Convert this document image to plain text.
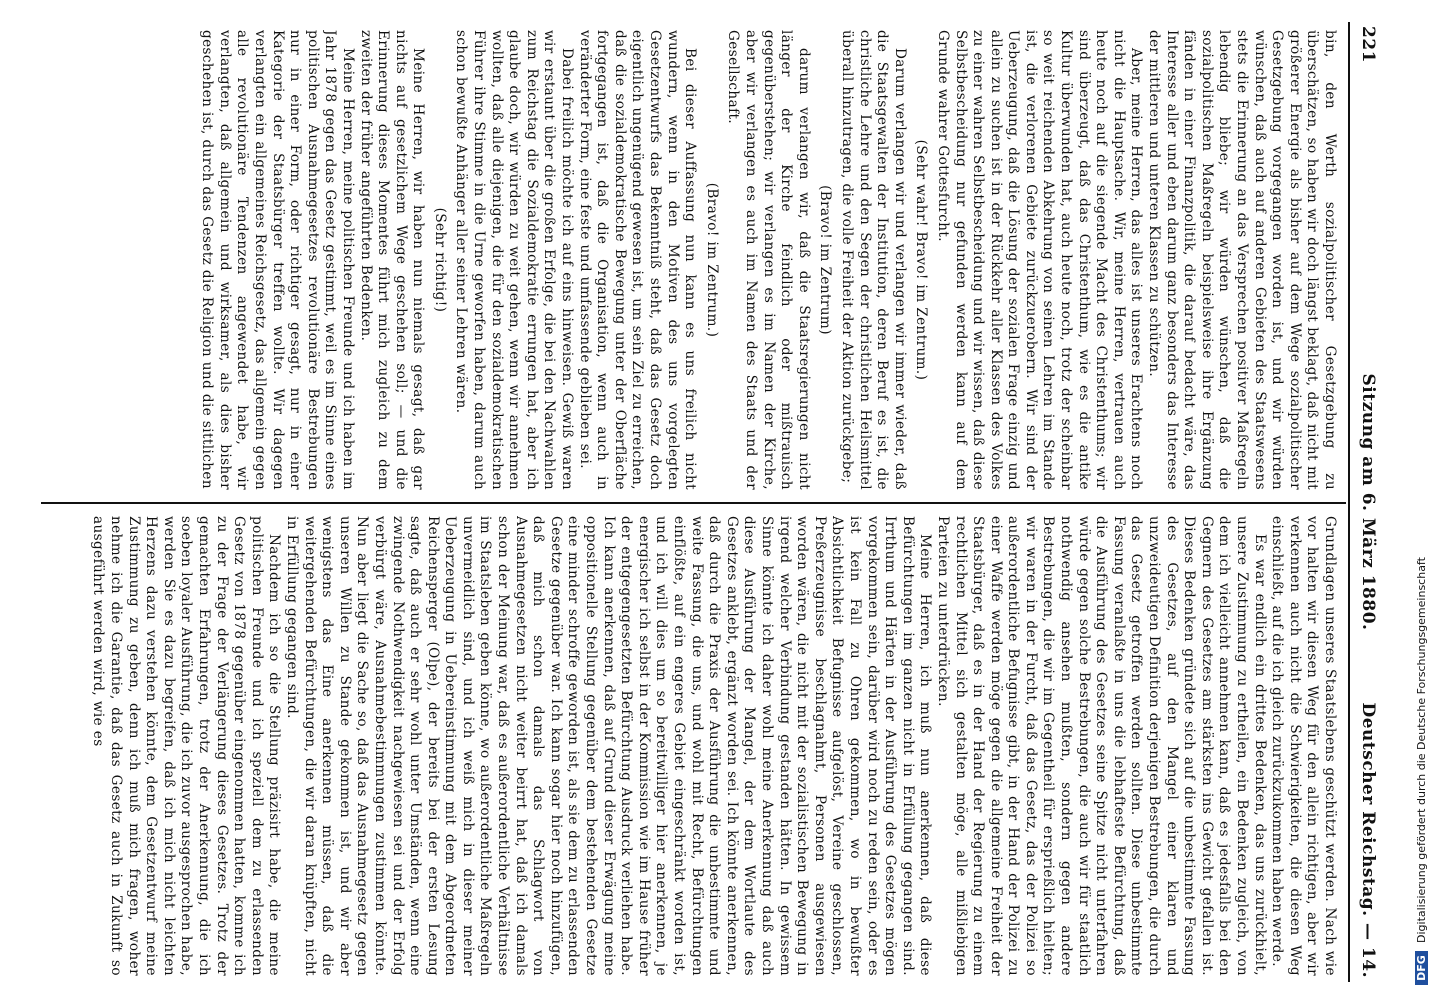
221
Sitzung am 6. März 1880.
Deutscher Reichstag. — 14.

bin, den Werth sozialpolitischer Gesetzgebung zu überschätzen, so haben wir doch längst beklagt, daß nicht mit größerer Energie als bisher auf dem Wege sozialpolitischer Gesetzgebung vorgegangen worden ist, und wir würden wünschen, daß auch auf anderen Gebieten des Staatswesens stets die Erinnerung an das Versprechen positiver Maßregeln lebendig bliebe; wir würden wünschen, daß die sozialpolitischen Maßregeln beispielsweise ihre Ergänzung fänden in einer Finanzpolitik, die darauf bedacht wäre, das Interesse aller und eben darum ganz besonders das Interesse der mittleren und unteren Klassen zu schützen.

Aber, meine Herren, das alles ist unseres Erachtens noch nicht die Hauptsache. Wir, meine Herren, vertrauen auch heute noch auf die siegende Macht des Christenthums; wir sind überzeugt, daß das Christenthum, wie es die antike Kultur überwunden hat, auch heute noch, trotz der scheinbar so weit reichenden Abkehrung von seinen Lehren im Stande ist, die verlorenen Gebiete zurückzuerobern. Wir sind der Ueberzeugung, daß die Lösung der sozialen Frage einzig und allein zu suchen ist in der Rückkehr aller Klassen des Volkes zu einer wahren Selbstbescheidung und wir wissen, daß diese Selbstbescheidung nur gefunden werden kann auf dem Grunde wahrer Gottesfurcht.

(Sehr wahr! Bravo! im Zentrum.)

Darum verlangen wir und verlangen wir immer wieder, daß die Staatsgewalten der Institution, deren Beruf es ist, die christliche Lehre und den Segen der christlichen Heilsmittel überall hinzutragen, die volle Freiheit der Aktion zurückgebe;

(Bravo! im Zentrum)

darum verlangen wir, daß die Staatsregierungen nicht länger der Kirche feindlich oder mißtrauisch gegenüberstehen; wir verlangen es im Namen der Kirche, aber wir verlangen es auch im Namen des Staats und der Gesellschaft.

(Bravo! im Zentrum.)

Bei dieser Auffassung nun kann es uns freilich nicht wundern, wenn in den Motiven des uns vorgelegten Gesetzentwurfs das Bekenntniß steht, daß das Gesetz doch eigentlich ungenügend gewesen ist, um sein Ziel zu erreichen, daß die sozialdemokratische Bewegung unter der Oberfläche fortgegangen ist, daß die Organisation, wenn auch in veränderter Form, eine feste und umfassende geblieben sei.

Dabei freilich möchte ich auf eins hinweisen. Gewiß waren wir erstaunt über die großen Erfolge, die bei den Nachwahlen zum Reichstag die Sozialdemokratie errungen hat, aber ich glaube doch, wir würden zu weit gehen, wenn wir annehmen wollten, daß alle diejenigen, die für den sozialdemokratischen Führer ihre Stimme in die Urne geworfen haben, darum auch schon bewußte Anhänger aller seiner Lehren wären.

(Sehr richtig!)

Meine Herren, wir haben nun niemals gesagt, daß gar nichts auf gesetzlichem Wege geschehen soll; — und die Erinnerung dieses Momentes führt mich zugleich zu dem zweiten der früher angeführten Bedenken.

Meine Herren, meine politischen Freunde und ich haben im Jahr 1878 gegen das Gesetz gestimmt, weil es im Sinne eines politischen Ausnahmegesetzes revolutionäre Bestrebungen nur in einer Form, oder richtiger gesagt, nur in einer Kategorie der Staatsbürger treffen wollte. Wir dagegen verlangten ein allgemeines Reichsgesetz, das allgemein gegen alle revolutionäre Tendenzen angewendet habe, wir verlangten, daß allgemein und wirksamer, als dies bisher geschehen ist, durch das Gesetz die Religion und die sittlichen

Grundlagen unseres Staatslebens geschützt werden. Nach wie vor halten wir diesen Weg für den allein richtigen, aber wir verkennen auch nicht die Schwierigkeiten, die diesen Weg einschließt, auf die ich gleich zurückzukommen haben werde.

Es war endlich ein drittes Bedenken, das uns zurückhielt, unsere Zustimmung zu ertheilen, ein Bedenken zugleich, von dem ich vielleicht annehmen kann, daß es jedesfalls bei den Gegnern des Gesetzes am stärksten ins Gewicht gefallen ist. Dieses Bedenken gründete sich auf die unbestimmte Fassung des Gesetzes, auf den Mangel einer klaren und unzweideutigen Definition derjenigen Bestrebungen, die durch das Gesetz getroffen werden sollten. Diese unbestimmte Fassung veranlaßte in uns die lebhafteste Befürchtung, daß die Ausführung des Gesetzes seine Spitze nicht unterfahren würde gegen solche Bestrebungen, die auch wir für staatlich nothwendig ansehen mußten, sondern gegen andere Bestrebungen, die wir im Gegentheil für ersprießlich hielten; wir waren in der Furcht, daß das Gesetz, das der Polizei so außerordentliche Befugnisse gibt, in der Hand der Polizei zu einer Waffe werden möge gegen die allgemeine Freiheit der Staatsbürger, daß es in der Hand der Regierung zu einem rechtlichen Mittel sich gestalten möge, alle mißliebigen Parteien zu unterdrücken.

Meine Herren, ich muß nun anerkennen, daß diese Befürchtungen im ganzen nicht in Erfüllung gegangen sind. Irrthum und Härten in der Ausführung des Gesetzes mögen vorgekommen sein, darüber wird noch zu reden sein, oder es ist kein Fall zu Ohren gekommen, wo in bewußter Absichtlichkeit Befugnisse aufgelöst, Vereine geschlossen, Preßerzeugnisse beschlagnahmt, Personen ausgewiesen worden wären, die nicht mit der sozialistischen Bewegung in irgend welcher Verbindung gestanden hätten. In gewissem Sinne könnte ich daher wohl meine Anerkennung daß auch diese Ausführung der Mangel, der dem Wortlaute des Gesetzes anklebt, ergänzt worden sei. Ich könnte anerkennen, daß durch die Praxis der Ausführung die unbestimmte und weite Fassung, die uns, und wohl mit Recht, Befürchtungen einflößte, auf ein engeres Gebiet eingeschränkt worden ist, und ich will dies um so bereitwilliger hier anerkennen, je energischer ich selbst in der Kommission wie im Hause früher der entgegengesetzten Befürchtung Ausdruck verliehen habe. Ich kann anerkennen, daß auf Grund dieser Erwägung meine oppositionelle Stellung gegenüber dem bestehenden Gesetze eine minder schroffe geworden ist, als sie dem zu erlassenden Gesetze gegenüber war. Ich kann sogar hier noch hinzufügen, daß mich schon damals das Schlagwort von Ausnahmegesetzen nicht weiter beirrt hat, daß ich damals schon der Meinung war, daß es außerordentliche Verhältnisse im Staatsleben geben könne, wo außerordentliche Maßregeln unvermeidlich sind, und ich weiß mich in dieser meiner Ueberzeugung in Uebereinstimmung mit dem Abgeordneten Reichensperger (Olpe), der bereits bei der ersten Lesung sagte, daß auch er sehr wohl unter Umständen, wenn eine zwingende Nothwendigkeit nachgewiesen sei und der Erfolg verbürgt wäre, Ausnahmebestimmungen zustimmen könnte. Nun aber liegt die Sache so, daß das Ausnahmegesetz gegen unseren Willen zu Stande gekommen ist, und wir aber wenigstens das Eine anerkennen müssen, daß die weitergehenden Befürchtungen, die wir daran knüpften, nicht in Erfüllung gegangen sind.

Nachdem ich so die Stellung präzisirt habe, die meine politischen Freunde und ich speziell dem zu erlassenden Gesetz von 1878 gegenüber eingenommen hatten, komme ich zu der Frage der Verlängerung dieses Gesetzes. Trotz der gemachten Erfahrungen, trotz der Anerkennung, die ich soeben loyaler Ausführung, die ich zuvor ausgesprochen habe, werden Sie es dazu begreifen, daß ich mich nicht leichten Herzens dazu verstehen könnte, dem Gesetzentwurf meine Zustimmung zu geben, denn ich muß mich fragen, woher nehme ich die Garantie, daß das Gesetz auch in Zukunft so ausgeführt werden wird, wie es

DFGDigitalisierung gefördert durch die Deutsche Forschungsgemeinschaft
